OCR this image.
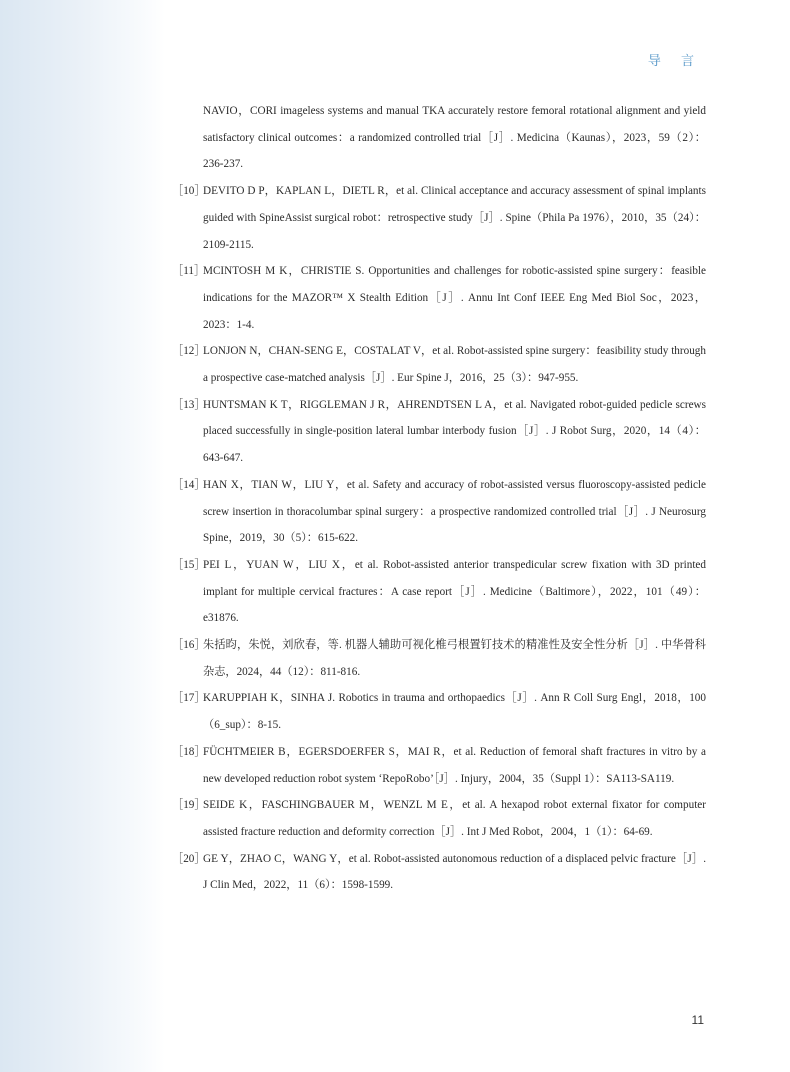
导 言
NAVIO，CORI imageless systems and manual TKA accurately restore femoral rotational alignment and yield satisfactory clinical outcomes：a randomized controlled trial［J］. Medicina（Kaunas），2023，59（2）：236-237.
［10］
DEVITO D P，KAPLAN L，DIETL R，et al. Clinical acceptance and accuracy assessment of spinal implants guided with SpineAssist surgical robot：retrospective study［J］. Spine（Phila Pa 1976），2010，35（24）：2109-2115.
［11］
MCINTOSH M K，CHRISTIE S. Opportunities and challenges for robotic-assisted spine surgery：feasible indications for the MAZOR™ X Stealth Edition［J］. Annu Int Conf IEEE Eng Med Biol Soc，2023，2023：1-4.
［12］
LONJON N，CHAN-SENG E，COSTALAT V，et al. Robot-assisted spine surgery：feasibility study through a prospective case-matched analysis［J］. Eur Spine J，2016，25（3）：947-955.
［13］
HUNTSMAN K T，RIGGLEMAN J R，AHRENDTSEN L A，et al. Navigated robot-guided pedicle screws placed successfully in single-position lateral lumbar interbody fusion［J］. J Robot Surg，2020，14（4）：643-647.
［14］
HAN X，TIAN W，LIU Y，et al. Safety and accuracy of robot-assisted versus fluoroscopy-assisted pedicle screw insertion in thoracolumbar spinal surgery：a prospective randomized controlled trial［J］. J Neurosurg Spine，2019，30（5）：615-622.
［15］
PEI L，YUAN W，LIU X，et al. Robot-assisted anterior transpedicular screw fixation with 3D printed implant for multiple cervical fractures：A case report［J］. Medicine（Baltimore），2022，101（49）：e31876.
［16］
朱括昀，朱悦，刘欣春，等. 机器人辅助可视化椎弓根置钉技术的精准性及安全性分析［J］. 中华骨科杂志，2024，44（12）：811-816.
［17］
KARUPPIAH K，SINHA J. Robotics in trauma and orthopaedics［J］. Ann R Coll Surg Engl，2018，100（6_sup）：8-15.
［18］
FÜCHTMEIER B，EGERSDOERFER S，MAI R，et al. Reduction of femoral shaft fractures in vitro by a new developed reduction robot system ‘RepoRobo’［J］. Injury，2004，35（Suppl 1）：SA113-SA119.
［19］
SEIDE K，FASCHINGBAUER M，WENZL M E，et al. A hexapod robot external fixator for computer assisted fracture reduction and deformity correction［J］. Int J Med Robot，2004，1（1）：64-69.
［20］
GE Y，ZHAO C，WANG Y，et al. Robot-assisted autonomous reduction of a displaced pelvic fracture［J］. J Clin Med，2022，11（6）：1598-1599.
11
